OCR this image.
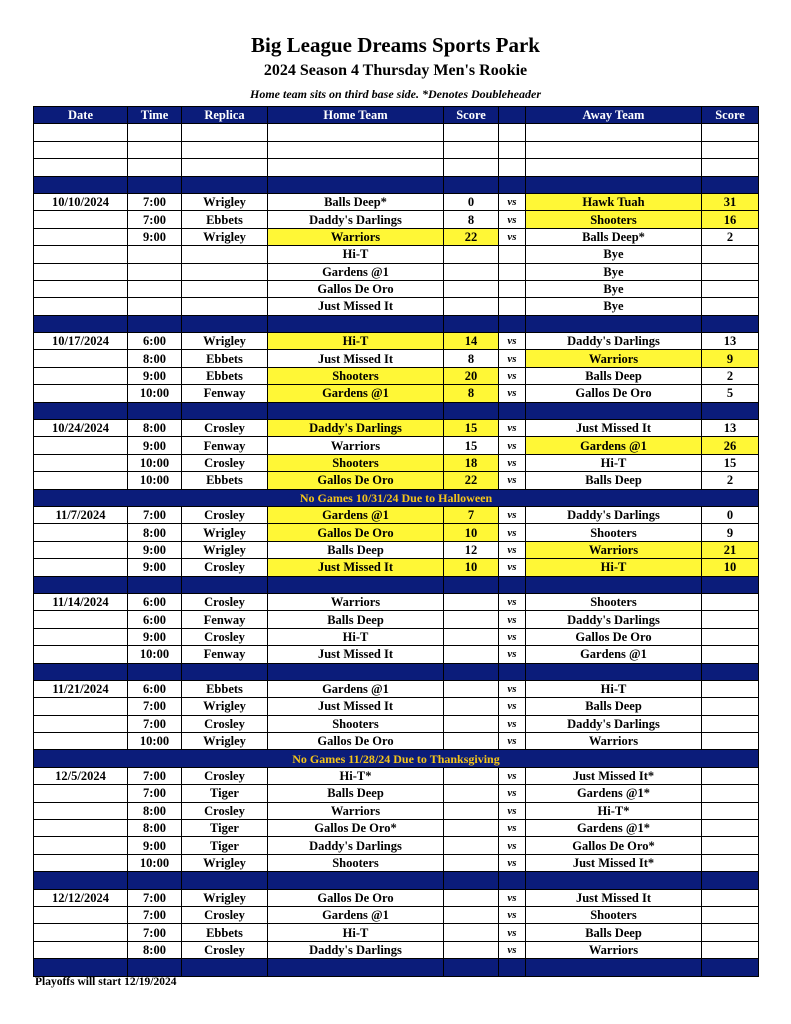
Big League Dreams Sports Park
2024 Season 4 Thursday Men's Rookie
Home team sits on third base side. *Denotes Doubleheader
Date	Time	Replica	Home Team	Score		Away Team	Score

10/10/2024	7:00	Wrigley	Balls Deep*	0	vs	Hawk Tuah	31
	7:00	Ebbets	Daddy's Darlings	8	vs	Shooters	16
	9:00	Wrigley	Warriors	22	vs	Balls Deep*	2
			Hi-T			Bye	
			Gardens @1			Bye	
			Gallos De Oro			Bye	
			Just Missed It			Bye	

10/17/2024	6:00	Wrigley	Hi-T	14	vs	Daddy's Darlings	13
	8:00	Ebbets	Just Missed It	8	vs	Warriors	9
	9:00	Ebbets	Shooters	20	vs	Balls Deep	2
	10:00	Fenway	Gardens @1	8	vs	Gallos De Oro	5

10/24/2024	8:00	Crosley	Daddy's Darlings	15	vs	Just Missed It	13
	9:00	Fenway	Warriors	15	vs	Gardens @1	26
	10:00	Crosley	Shooters	18	vs	Hi-T	15
	10:00	Ebbets	Gallos De Oro	22	vs	Balls Deep	2
No Games 10/31/24 Due to Halloween							
11/7/2024	7:00	Crosley	Gardens @1	7	vs	Daddy's Darlings	0
	8:00	Wrigley	Gallos De Oro	10	vs	Shooters	9
	9:00	Wrigley	Balls Deep	12	vs	Warriors	21
	9:00	Crosley	Just Missed It	10	vs	Hi-T	10

11/14/2024	6:00	Crosley	Warriors		vs	Shooters	
	6:00	Fenway	Balls Deep		vs	Daddy's Darlings	
	9:00	Crosley	Hi-T		vs	Gallos De Oro	
	10:00	Fenway	Just Missed It		vs	Gardens @1	

11/21/2024	6:00	Ebbets	Gardens @1		vs	Hi-T	
	7:00	Wrigley	Just Missed It		vs	Balls Deep	
	7:00	Crosley	Shooters		vs	Daddy's Darlings	
	10:00	Wrigley	Gallos De Oro		vs	Warriors	
No Games 11/28/24 Due to Thanksgiving							
12/5/2024	7:00	Crosley	Hi-T*		vs	Just Missed It*	
	7:00	Tiger	Balls Deep		vs	Gardens @1*	
	8:00	Crosley	Warriors		vs	Hi-T*	
	8:00	Tiger	Gallos De Oro*		vs	Gardens @1*	
	9:00	Tiger	Daddy's Darlings		vs	Gallos De Oro*	
	10:00	Wrigley	Shooters		vs	Just Missed It*	

12/12/2024	7:00	Wrigley	Gallos De Oro		vs	Just Missed It	
	7:00	Crosley	Gardens @1		vs	Shooters	
	7:00	Ebbets	Hi-T		vs	Balls Deep	
	8:00	Crosley	Daddy's Darlings		vs	Warriors	

Playoffs will start 12/19/2024
